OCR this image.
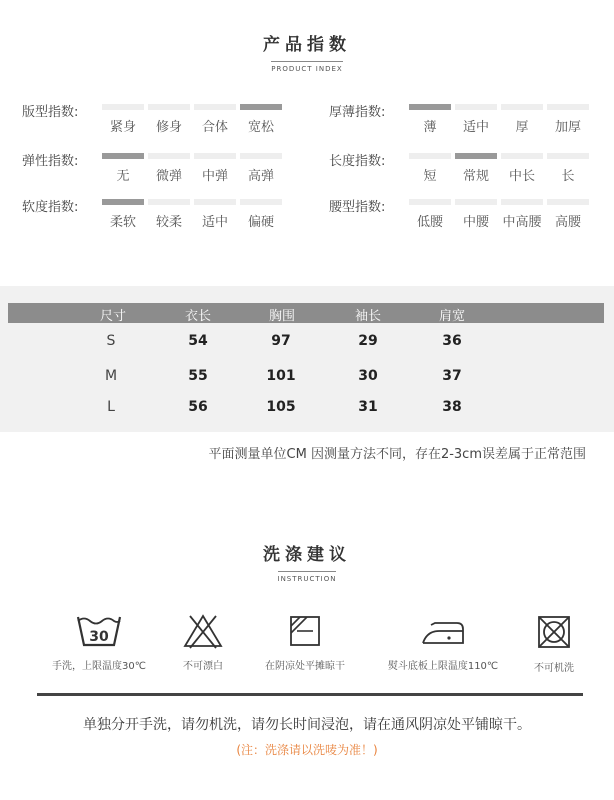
产品指数
PRODUCT INDEX
版型指数:
紧身	修身	合体	宽松
弹性指数:
无	微弹	中弹	高弹
软度指数:
柔软	较柔	适中	偏硬
厚薄指数:
薄	适中	厚	加厚
长度指数:
短	常规	中长	长
腰型指数:
低腰	中腰	中高腰	高腰
尺寸	衣长	胸围	袖长	肩宽
S	54	97	29	36
M	55	101	30	37
L	56	105	31	38
平面测量单位CM 因测量方法不同，存在2-3cm误差属于正常范围
洗涤建议
INSTRUCTION
30
手洗，上限温度30℃	不可漂白	在阴凉处平摊晾干	熨斗底板上限温度110℃	不可机洗
单独分开手洗，请勿机洗，请勿长时间浸泡，请在通风阴凉处平铺晾干。
(注：洗涤请以洗唛为准！)
